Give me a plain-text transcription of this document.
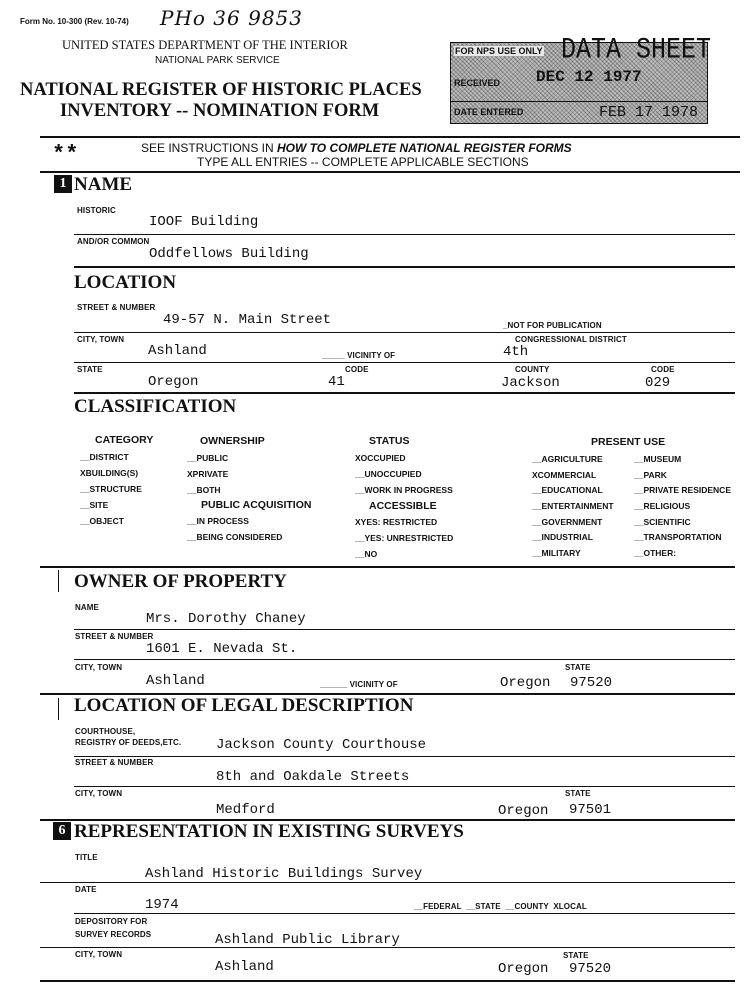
Form No. 10-300 (Rev. 10-74) PHo 36 9853
UNITED STATES DEPARTMENT OF THE INTERIOR
NATIONAL PARK SERVICE
NATIONAL REGISTER OF HISTORIC PLACES
INVENTORY -- NOMINATION FORM
FOR NPS USE ONLY DATA SHEET
RECEIVED DEC 12 1977
DATE ENTERED	FEB 17 1978
**	SEE INSTRUCTIONS IN HOW TO COMPLETE NATIONAL REGISTER FORMS
TYPE ALL ENTRIES -- COMPLETE APPLICABLE SECTIONS
1 NAME
HISTORIC
IOOF Building
AND/OR COMMON
Oddfellows Building
LOCATION
STREET & NUMBER
49-57 N. Main Street	_NOT FOR PUBLICATION
CITY, TOWN	CONGRESSIONAL DISTRICT
Ashland	_____ VICINITY OF	4th
STATE	CODE	COUNTY	CODE
Oregon	41	Jackson	029
CLASSIFICATION
CATEGORY
__DISTRICT
XBUILDING(S)
__STRUCTURE
__SITE
__OBJECT
OWNERSHIP
__PUBLIC
XPRIVATE
__BOTH
PUBLIC ACQUISITION
__IN PROCESS
__BEING CONSIDERED
STATUS
XOCCUPIED
__UNOCCUPIED
__WORK IN PROGRESS
ACCESSIBLE
XYES: RESTRICTED
__YES: UNRESTRICTED
__NO
PRESENT USE
__AGRICULTURE
XCOMMERCIAL
__EDUCATIONAL
__ENTERTAINMENT
__GOVERNMENT
__INDUSTRIAL
__MILITARY
__MUSEUM
__PARK
__PRIVATE RESIDENCE
__RELIGIOUS
__SCIENTIFIC
__TRANSPORTATION
__OTHER:
OWNER OF PROPERTY
NAME
Mrs. Dorothy Chaney
STREET & NUMBER
1601 E. Nevada St.
CITY, TOWN	STATE
Ashland	______ VICINITY OF	Oregon 97520
LOCATION OF LEGAL DESCRIPTION
COURTHOUSE,
REGISTRY OF DEEDS,ETC. Jackson County Courthouse
STREET & NUMBER
8th and Oakdale Streets
CITY, TOWN	STATE
Medford	Oregon 97501
6 REPRESENTATION IN EXISTING SURVEYS
TITLE
Ashland Historic Buildings Survey
DATE
1974	__FEDERAL  __STATE  __COUNTY  XLOCAL
DEPOSITORY FOR
SURVEY RECORDS	Ashland Public Library
CITY, TOWN	STATE
Ashland	Oregon 97520
